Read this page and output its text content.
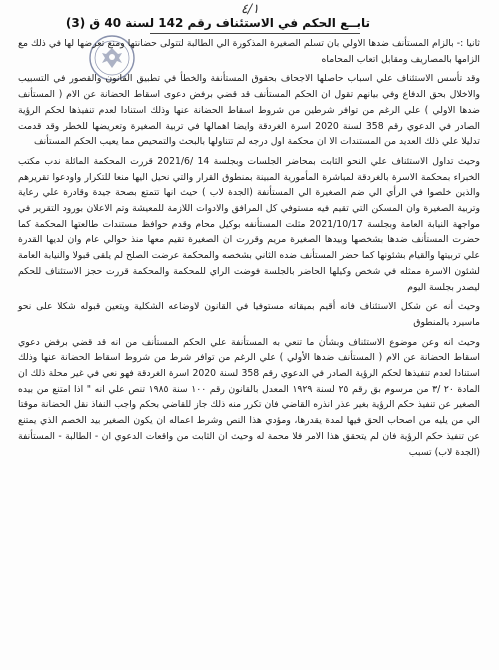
٤/١
تابــع الحكم في الاستئناف رقم 142 لسنة 40 ق (3)

ثانيا :- بالزام المستأنف ضدها الاولي بان تسلم الصغيرة المذكورة الي الطالبة لتتولى حضانتها ومنع تعرضها لها في ذلك مع الزامها بالمصاريف ومقابل اتعاب المحاماه

وقد تأسس الاستئناف علي اسباب حاصلها الاجحاف بحقوق المستأنفة والخطأ في تطبيق القانون والقصور في التسبيب والاخلال بحق الدفاع وفي بيانهم تقول ان الحكم المستأنف قد قضي برفض دعوى اسقاط الحضانة عن الام ( المستأنف ضدها الاولي ) علي الرغم من توافر شرطين من شروط اسقاط الحضانة عنها وذلك استنادا لعدم تنفيذها لحكم الرؤية الصادر في الدعوي رقم 358 لسنة 2020 اسرة الغردقة وايضا اهمالها في تربية الصغيرة وتعريضها للخطر وقد قدمت تدليلا علي ذلك العديد من المستندات الا ان محكمة اول درجه لم تتناولها بالبحث والتمحيص مما يعيب الحكم المستأنف

وحيث تداول الاستئناف علي النحو الثابت بمحاضر الجلسات وبجلسة 14 /2021/6 قررت المحكمة المائلة ندب مكتب الخبراء بمحكمة الاسرة بالغردقة لمباشرة المأمورية المبينة بمنطوق القرار والتي نحيل اليها منعا للتكرار واودعوا تقريرهم والذين خلصوا في الرأي الي ضم الصغيرة الي المستأنفة (الجدة لاب ) حيث انها تتمتع بصحة جيدة وقادرة علي رعاية وتربية الصغيرة وان المسكن التي تقيم فيه مستوفي كل المرافق والادوات اللازمة للمعيشة وتم الاعلان بورود التقرير في مواجهة النيابة العامة وبجلسة 2021/10/17 مثلت المستأنفه بوكيل محام وقدم حوافظ مستندات طالعتها المحكمة كما حضرت المستأنف ضدها بشخصها وبيدها الصغيرة مريم وقررت ان الصغيرة تقيم معها منذ حوالي عام وان لديها القدرة علي تربيتها والقيام بشئونها كما حضر المستأنف ضده الثاني بشخصه والمحكمة عرضت الصلح لم يلقى قبولا والنيابة العامة لشئون الاسرة ممثله في شخص وكيلها الحاضر بالجلسة فوضت الراي للمحكمة والمحكمة قررت حجز الاستئناف للحكم ليصدر بجلسة اليوم

وحيث أنه عن شكل الاستئناف فانه أقيم بميقاته مستوفيا في القانون لاوضاعه الشكلية ويتعين قبوله شكلا على نحو ماسيرد بالمنطوق

وحيث انه وعن موضوع الاستئناف وبشأن ما تنعي به المستأنفة علي الحكم المستأنف من انه قد قضي برفض دعوي اسقاط الحضانة عن الام ( المستأنف ضدها الأولي ) علي الرغم من توافر شرط من شروط اسقاط الحضانة عنها وذلك استنادا لعدم تنفيذها لحكم الرؤية الصادر في الدعوي رقم 358 لسنة 2020 اسرة الغردقة فهو نعي في غير محلة ذلك ان المادة ٢٠ /٣ من مرسوم بق رقم ٢٥ لسنة ١٩٢٩ المعدل بالقانون رقم ١٠٠ سنة ١٩٨٥ تنص علي انه " اذا امتنع من بيده الصغير عن تنفيذ حكم الرؤية بغير عذر انذره القاضي فان تكرر منه ذلك جاز للقاضي بحكم واجب النفاذ نقل الحضانة موقتا الي من يليه من اصحاب الحق فيها لمدة يقدرها، ومؤدي هذا النص وشرط اعماله ان يكون الصغير بيد الخصم الذي يمتنع عن تنفيذ حكم الرؤية فان لم يتحقق هذا الامر فلا محمة له وحيث ان الثابت من واقعات الدعوي ان - الطالبة - المستأنفة (الجدة لاب) تسبب
